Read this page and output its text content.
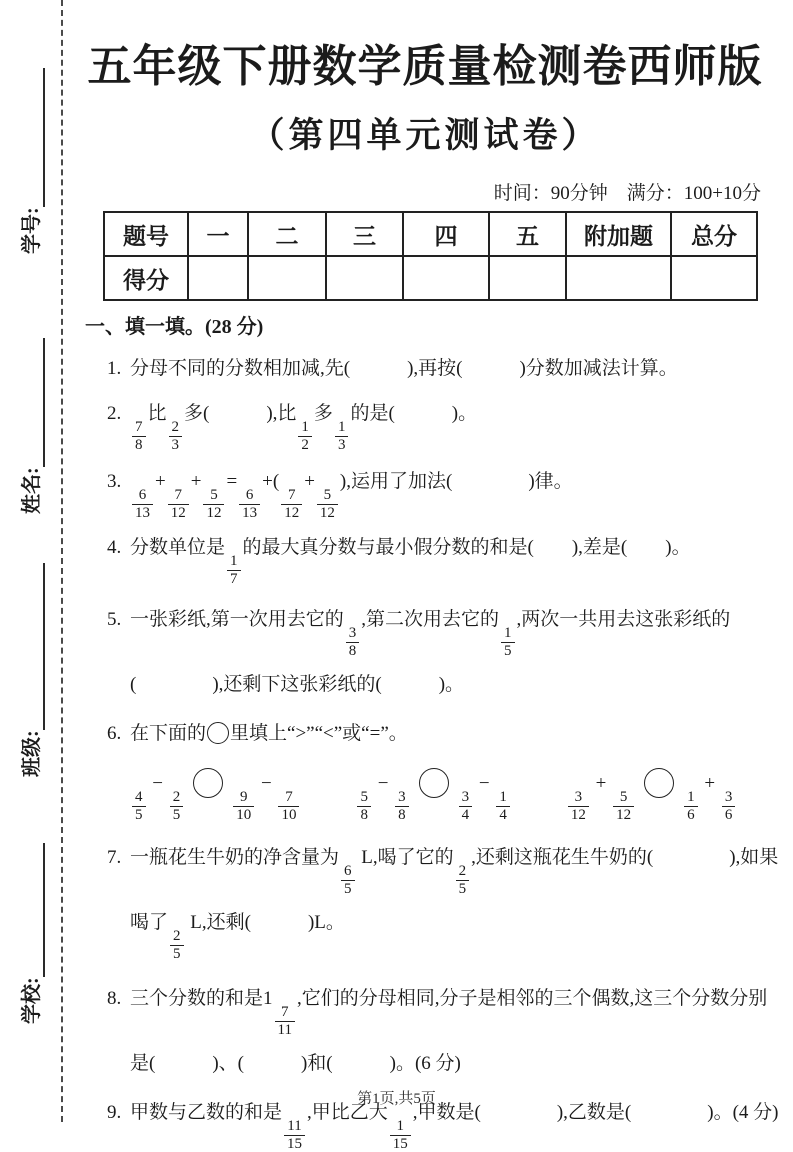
学号:
姓名:
班级:
学校:
五年级下册数学质量检测卷西师版
（第四单元测试卷）
时间：90分钟　满分：100+10分
题号	一	二	三	四	五	附加题	总分
得分							
一、填一填。(28 分)
1. 分母不同的分数相加减,先(　　　),再按(　　　)分数加减法计算。
2.
$\frac{7}{8}$
比
$\frac{2}{3}$
多(　　　),比
$\frac{1}{2}$
多
$\frac{1}{3}$
的是(　　　)。
3.
$\frac{6}{13}$
+
$\frac{7}{12}$
+
$\frac{5}{12}$
=
$\frac{6}{13}$
+(
$\frac{7}{12}$
+
$\frac{5}{12}$
),运用了加法(　　　　)律。
4. 分数单位是
$\frac{1}{7}$
的最大真分数与最小假分数的和是(　　),差是(　　)。
5. 一张彩纸,第一次用去它的
$\frac{3}{8}$
,第二次用去它的
$\frac{1}{5}$
,两次一共用去这张彩纸的
(　　　　),还剩下这张彩纸的(　　　)。
6. 在下面的 里填上“>”“<”或“=”。
$\frac{4}{5}$
−
$\frac{2}{5}$	$\frac{9}{10}$
−
$\frac{7}{10}$	$\frac{5}{8}$
−
$\frac{3}{8}$	$\frac{3}{4}$
−
$\frac{1}{4}$	$\frac{3}{12}$
+
$\frac{5}{12}$	$\frac{1}{6}$
+
$\frac{3}{6}$
7. 一瓶花生牛奶的净含量为
$\frac{6}{5}$
L,喝了它的
$\frac{2}{5}$
,还剩这瓶花生牛奶的(　　　　),如果
喝了
$\frac{2}{5}$
L,还剩(　　　)L。
8. 三个分数的和是1
$\frac{7}{11}$
,它们的分母相同,分子是相邻的三个偶数,这三个分数分别
是(　　　)、(　　　)和(　　　)。(6 分)
9. 甲数与乙数的和是
$\frac{11}{15}$
,甲比乙大
$\frac{1}{15}$
,甲数是(　　　　),乙数是(　　　　)。(4 分)
第1页,共5页
